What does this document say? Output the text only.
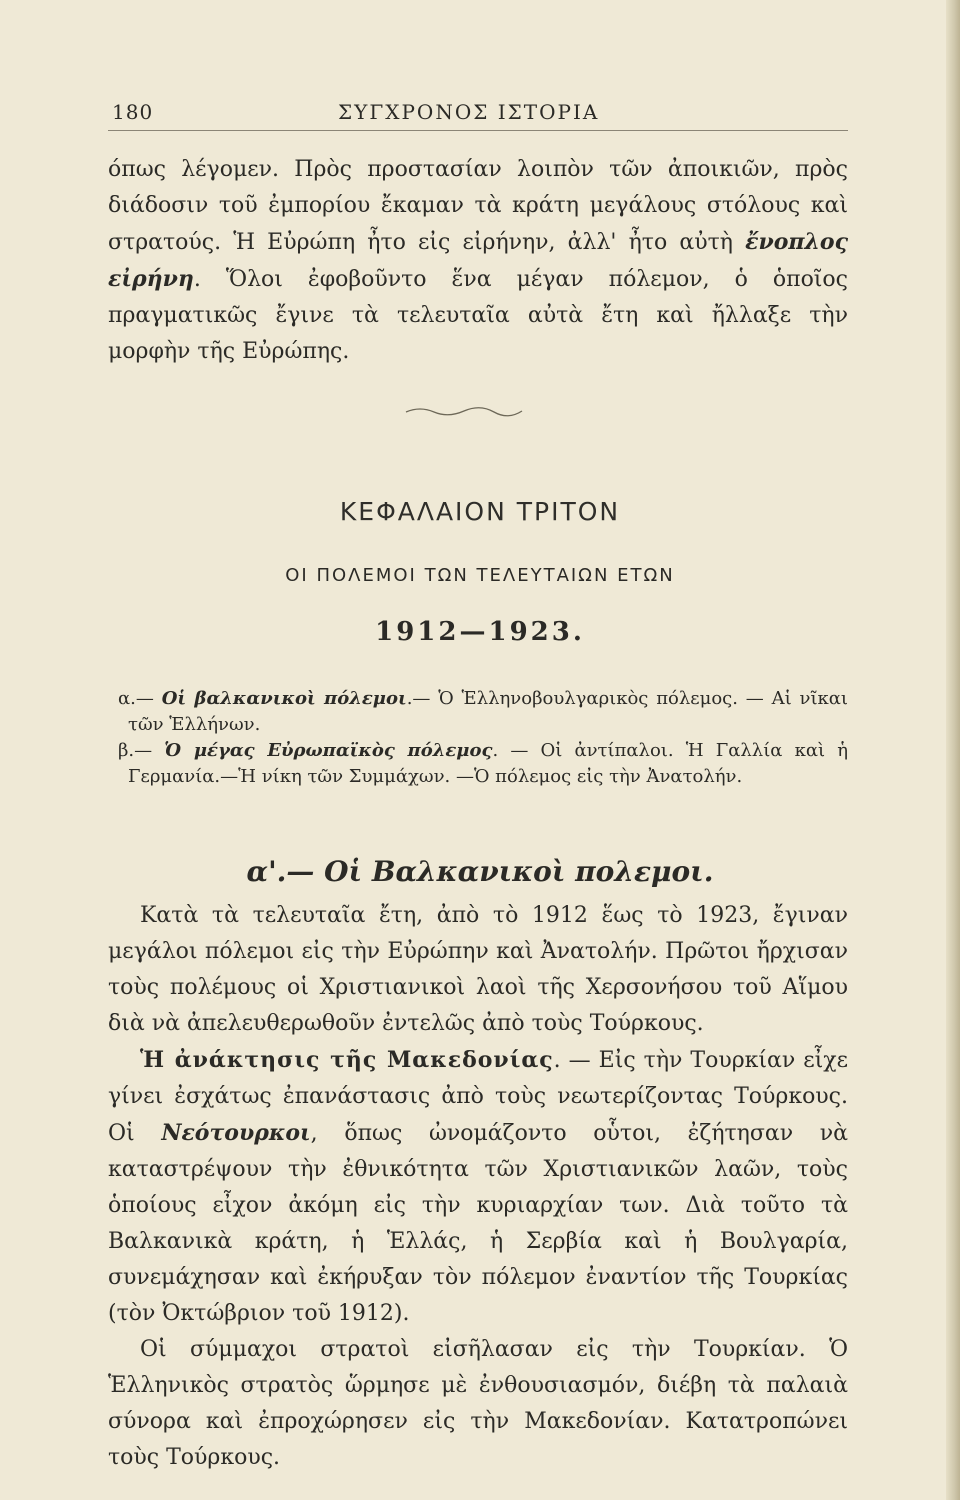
180	ΣΥΓΧΡΟΝΟΣ ΙΣΤΟΡΙΑ

όπως λέγομεν. Πρὸς προστασίαν λοιπὸν τῶν ἀποικιῶν, πρὸς διάδοσιν τοῦ ἐμπορίου ἔκαμαν τὰ κράτη μεγάλους στόλους καὶ στρατούς. Ἡ Εὐρώπη ἦτο εἰς εἰρήνην, ἀλλ' ἦτο αὐτὴ ἔνοπλος εἰρήνη. Ὅλοι ἐφοβοῦντο ἕνα μέγαν πόλεμον, ὁ ὁποῖος πραγματικῶς ἔγινε τὰ τελευταῖα αὐτὰ ἔτη καὶ ἤλλαξε τὴν μορφὴν τῆς Εὐρώπης.

ΚΕΦΑΛΑΙΟΝ ΤΡΙΤΟΝ
ΟΙ ΠΟΛΕΜΟΙ ΤΩΝ ΤΕΛΕΥΤΑΙΩΝ ΕΤΩΝ
1912—1923.

α.— Οἱ βαλκανικοὶ πόλεμοι.— Ὁ Ἑλληνοβουλγαρικὸς πόλεμος. — Αἱ νῖκαι τῶν Ἑλλήνων.

β.— Ὁ μέγας Εὐρωπαϊκὸς πόλεμος. — Οἱ ἀντίπαλοι. Ἡ Γαλλία καὶ ἡ Γερμανία.—Ἡ νίκη τῶν Συμμάχων. —Ὁ πόλεμος εἰς τὴν Ἀνατολήν.

α'.— Οἱ Βαλκανικοὶ πολεμοι.

Κατὰ τὰ τελευταῖα ἔτη, ἀπὸ τὸ 1912 ἕως τὸ 1923, ἔγιναν μεγάλοι πόλεμοι εἰς τὴν Εὐρώπην καὶ Ἀνατολήν. Πρῶτοι ἤρχισαν τοὺς πολέμους οἱ Χριστιανικοὶ λαοὶ τῆς Χερσονήσου τοῦ Αἵμου διὰ νὰ ἀπελευθερωθοῦν ἐντελῶς ἀπὸ τοὺς Τούρκους.

Ἡ ἀνάκτησις τῆς Μακεδονίας. — Εἰς τὴν Τουρκίαν εἶχε γίνει ἐσχάτως ἐπανάστασις ἀπὸ τοὺς νεωτερίζοντας Τούρκους. Οἱ Νεότουρκοι, ὅπως ὠνομάζοντο οὗτοι, ἐζήτησαν νὰ καταστρέψουν τὴν ἐθνικότητα τῶν Χριστιανικῶν λαῶν, τοὺς ὁποίους εἶχον ἀκόμη εἰς τὴν κυριαρχίαν των. Διὰ τοῦτο τὰ Βαλκανικὰ κράτη, ἡ Ἑλλάς, ἡ Σερβία καὶ ἡ Βουλγαρία, συνεμάχησαν καὶ ἐκήρυξαν τὸν πόλεμον ἐναντίον τῆς Τουρκίας (τὸν Ὀκτώβριον τοῦ 1912).

Οἱ σύμμαχοι στρατοὶ εἰσῆλασαν εἰς τὴν Τουρκίαν. Ὁ Ἑλληνικὸς στρατὸς ὥρμησε μὲ ἐνθουσιασμόν, διέβη τὰ παλαιὰ σύνορα καὶ ἐπροχώρησεν εἰς τὴν Μακεδονίαν. Κατατροπώνει τοὺς Τούρκους.
